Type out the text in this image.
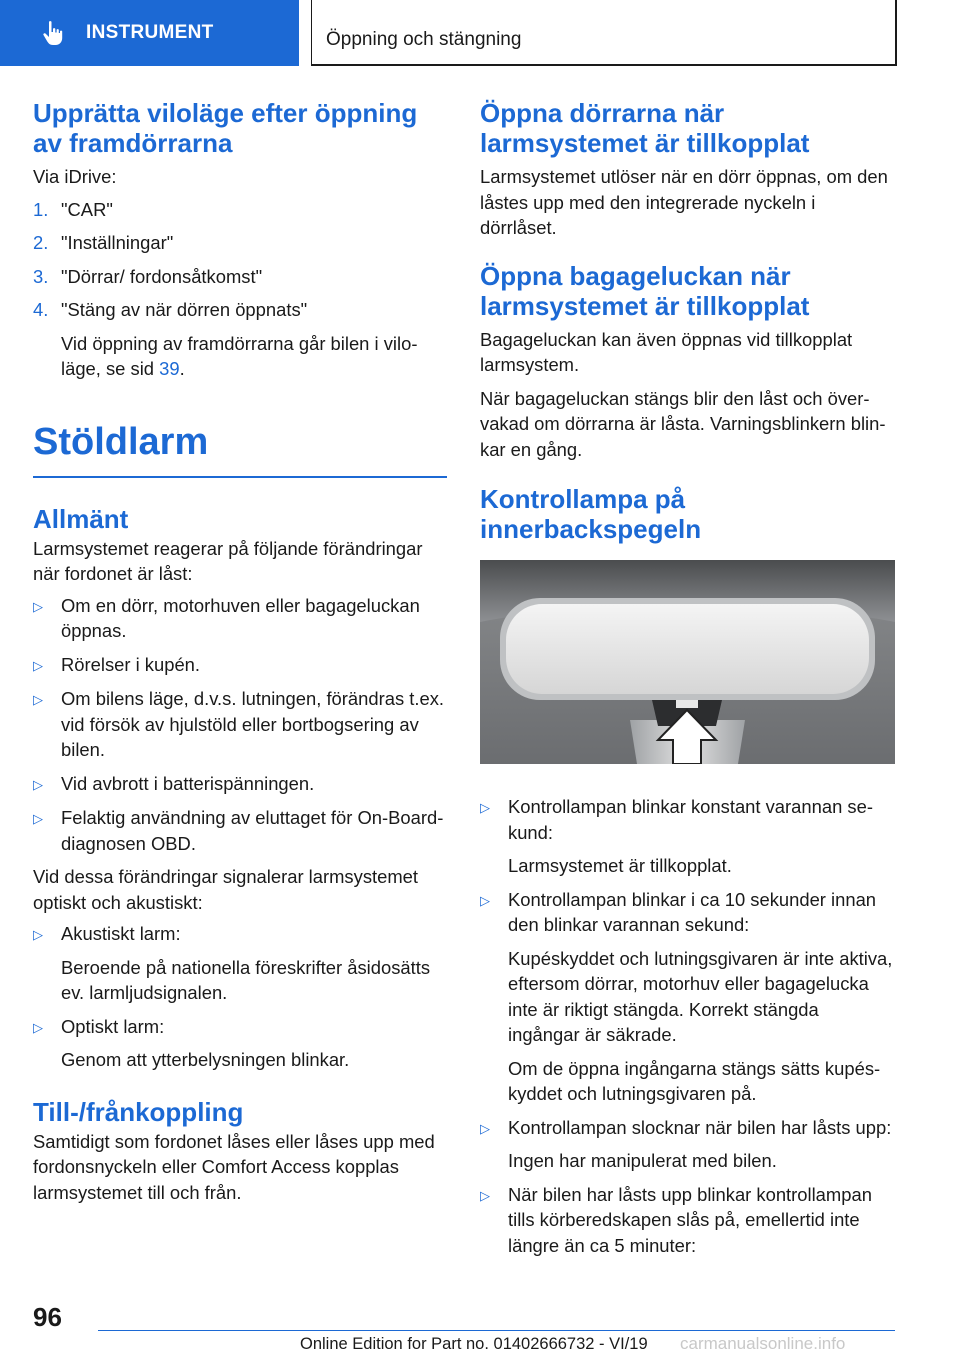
INSTRUMENT	Öppning och stängning
Upprätta viloläge efter öppning av framdörrarna

Via iDrive:

1. "CAR"
2. "Inställningar"
3. "Dörrar/ fordonsåtkomst"
4. "Stäng av när dörren öppnats"
Vid öppning av framdörrarna går bilen i viloläge, se sid 39.
Stöldlarm
Allmänt

Larmsystemet reagerar på följande förändringar när fordonet är låst:

▷ Om en dörr, motorhuven eller bagageluckan öppnas.
▷ Rörelser i kupén.
▷ Om bilens läge, d.v.s. lutningen, förändras t.ex. vid försök av hjulstöld eller bortbogsering av bilen.
▷ Vid avbrott i batterispänningen.
▷ Felaktig användning av eluttaget för On-Board-diagnosen OBD.

Vid dessa förändringar signalerar larmsystemet optiskt och akustiskt:

▷ Akustiskt larm:
Beroende på nationella föreskrifter åsidosätts ev. larmljudsignalen.
▷ Optiskt larm:
Genom att ytterbelysningen blinkar.
Till-/frånkoppling

Samtidigt som fordonet låses eller låses upp med fordonsnyckeln eller Comfort Access kopplas larmsystemet till och från.

Öppna dörrarna när larmsystemet är tillkopplat

Larmsystemet utlöser när en dörr öppnas, om den låstes upp med den integrerade nyckeln i dörrlåset.

Öppna bagageluckan när larmsystemet är tillkopplat

Bagageluckan kan även öppnas vid tillkopplat larmsystem.

När bagageluckan stängs blir den låst och övervakad om dörrarna är låsta. Varningsblinkern blinkar en gång.

Kontrollampa på innerbackspegeln
▷ Kontrollampan blinkar konstant varannan sekund:
Larmsystemet är tillkopplat.
▷ Kontrollampan blinkar i ca 10 sekunder innan den blinkar varannan sekund:
Kupéskyddet och lutningsgivaren är inte aktiva, eftersom dörrar, motorhuv eller bagagelucka inte är riktigt stängda. Korrekt stängda ingångar är säkrade.
Om de öppna ingångarna stängs sätts kupéskyddet och lutningsgivaren på.
▷ Kontrollampan slocknar när bilen har låsts upp:
Ingen har manipulerat med bilen.
▷ När bilen har låsts upp blinkar kontrollampan tills körberedskapen slås på, emellertid inte längre än ca 5 minuter:
96
Online Edition for Part no. 01402666732 - VI/19 carmanualsonline.info
